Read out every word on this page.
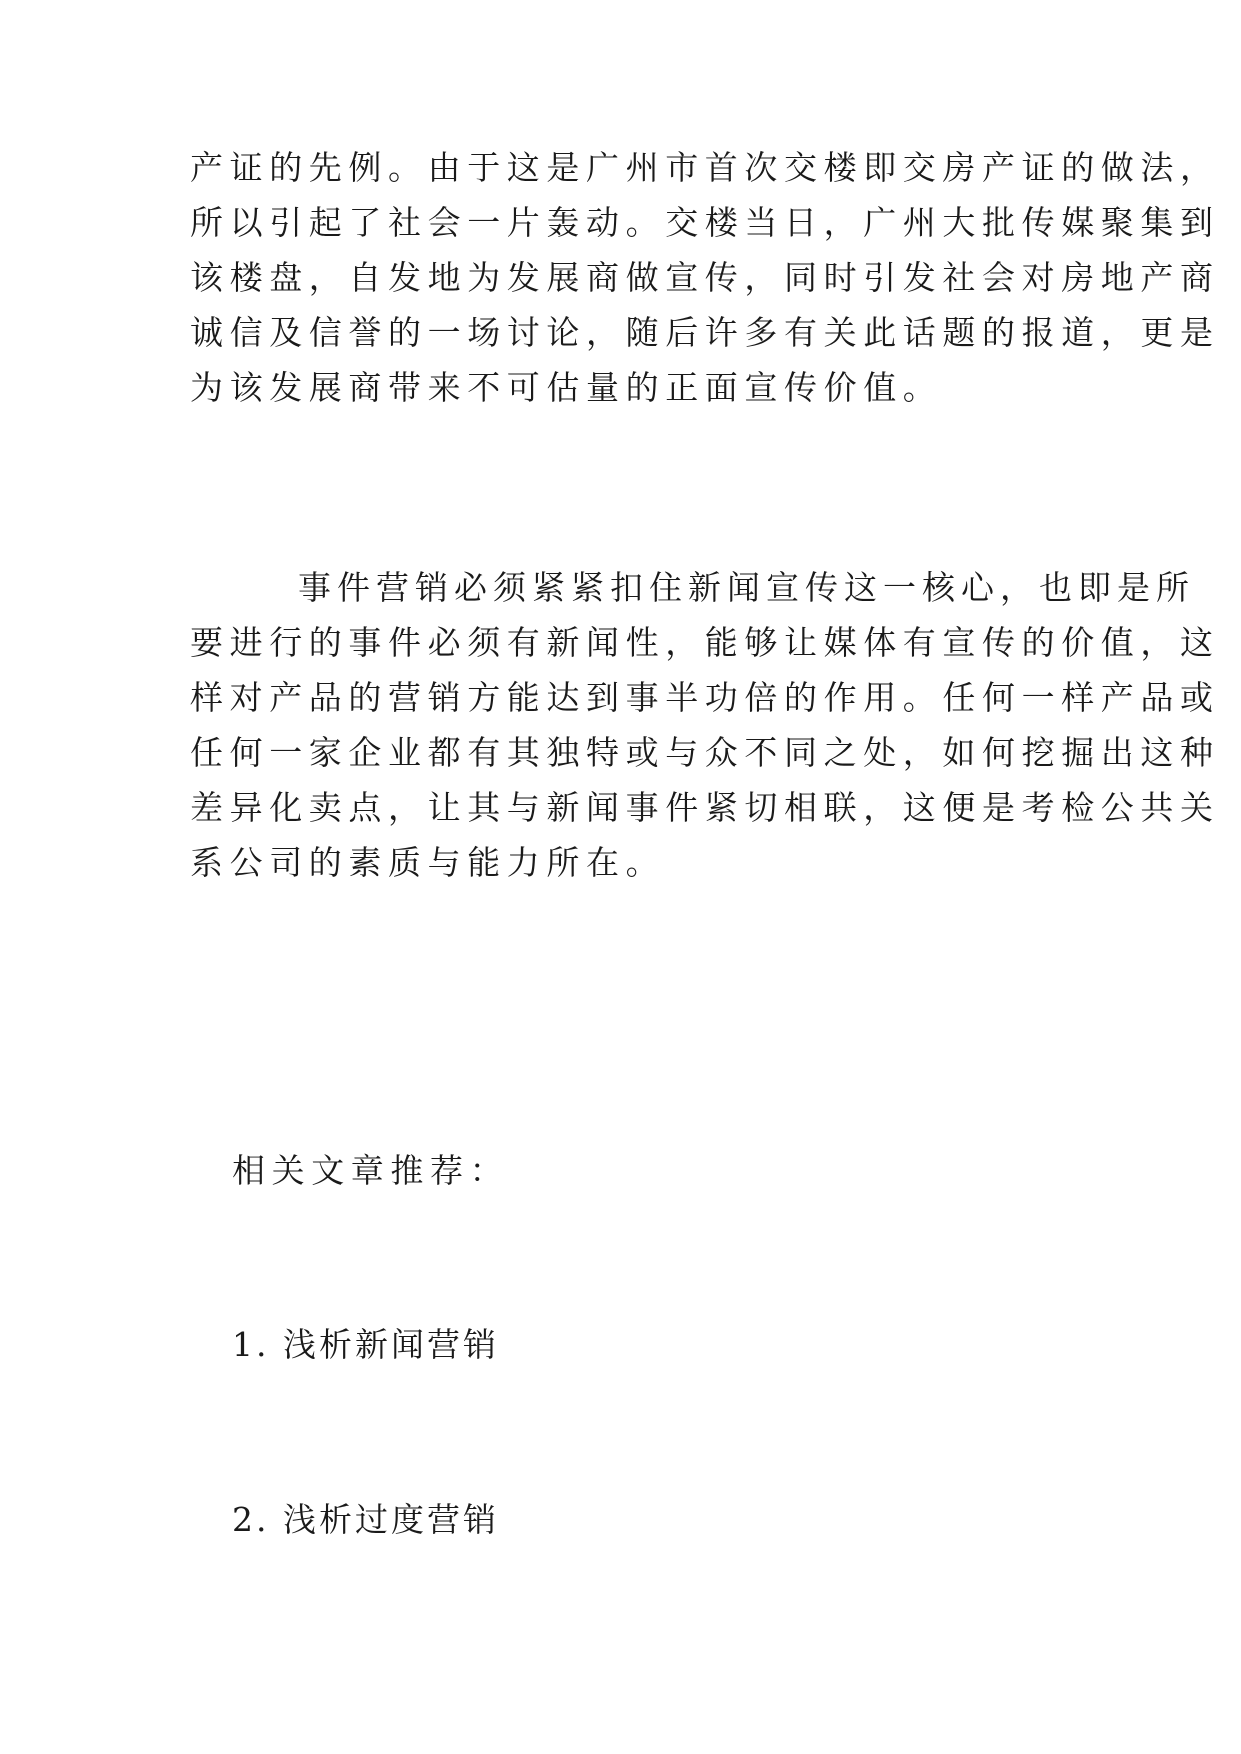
产证的先例。由于这是广州市首次交楼即交房产证的做法，
所以引起了社会一片轰动。交楼当日，广州大批传媒聚集到
该楼盘，自发地为发展商做宣传，同时引发社会对房地产商
诚信及信誉的一场讨论，随后许多有关此话题的报道，更是
为该发展商带来不可估量的正面宣传价值。
事件营销必须紧紧扣住新闻宣传这一核心，也即是所
要进行的事件必须有新闻性，能够让媒体有宣传的价值，这
样对产品的营销方能达到事半功倍的作用。任何一样产品或
任何一家企业都有其独特或与众不同之处，如何挖掘出这种
差异化卖点，让其与新闻事件紧切相联，这便是考检公共关
系公司的素质与能力所在。
相关文章推荐：
1. 浅析新闻营销
2. 浅析过度营销
